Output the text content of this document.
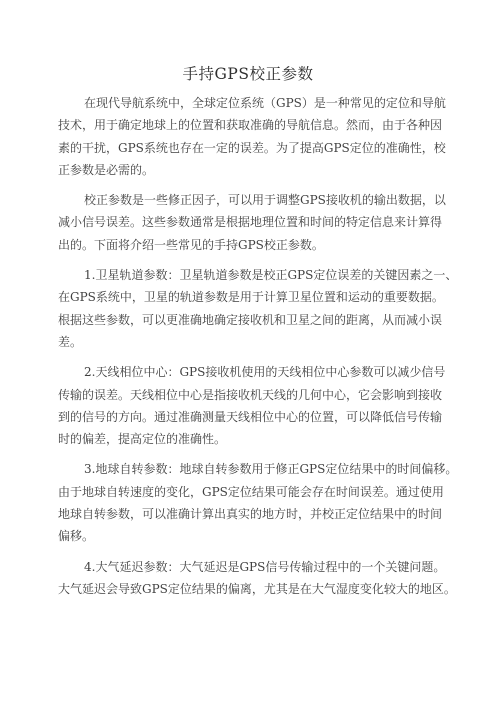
手持GPS校正参数

在现代导航系统中，全球定位系统（GPS）是一种常见的定位和导航
技术，用于确定地球上的位置和获取准确的导航信息。然而，由于各种因
素的干扰，GPS系统也存在一定的误差。为了提高GPS定位的准确性，校
正参数是必需的。

校正参数是一些修正因子，可以用于调整GPS接收机的输出数据，以
减小信号误差。这些参数通常是根据地理位置和时间的特定信息来计算得
出的。下面将介绍一些常见的手持GPS校正参数。

1.卫星轨道参数：卫星轨道参数是校正GPS定位误差的关键因素之一、
在GPS系统中，卫星的轨道参数是用于计算卫星位置和运动的重要数据。
根据这些参数，可以更准确地确定接收机和卫星之间的距离，从而减小误
差。

2.天线相位中心：GPS接收机使用的天线相位中心参数可以减少信号
传输的误差。天线相位中心是指接收机天线的几何中心，它会影响到接收
到的信号的方向。通过准确测量天线相位中心的位置，可以降低信号传输
时的偏差，提高定位的准确性。

3.地球自转参数：地球自转参数用于修正GPS定位结果中的时间偏移。
由于地球自转速度的变化，GPS定位结果可能会存在时间误差。通过使用
地球自转参数，可以准确计算出真实的地方时，并校正定位结果中的时间
偏移。

4.大气延迟参数：大气延迟是GPS信号传输过程中的一个关键问题。
大气延迟会导致GPS定位结果的偏离，尤其是在大气湿度变化较大的地区。
